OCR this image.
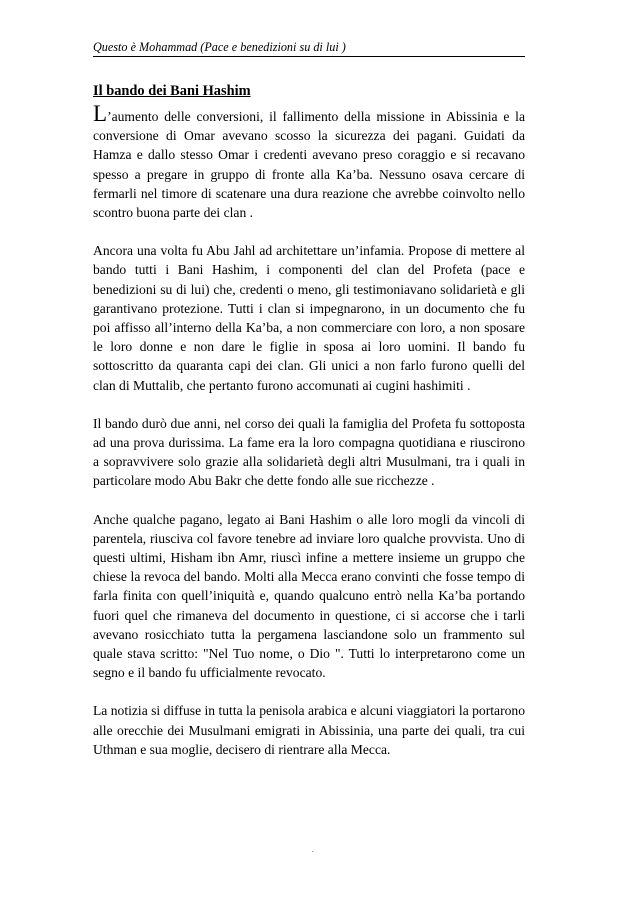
Questo è Mohammad (Pace e benedizioni su di lui )
Il bando dei Bani Hashim

L’aumento delle conversioni, il fallimento della missione in Abissinia e la conversione di Omar avevano scosso la sicurezza dei pagani. Guidati da Hamza e dallo stesso Omar i credenti avevano preso coraggio e si recavano spesso a pregare in gruppo di fronte alla Ka’ba. Nessuno osava cercare di fermarli nel timore di scatenare una dura reazione che avrebbe coinvolto nello scontro buona parte dei clan .

Ancora una volta fu Abu Jahl ad architettare un’infamia. Propose di mettere al bando tutti i Bani Hashim, i componenti del clan del Profeta (pace e benedizioni su di lui) che, credenti o meno, gli testimoniavano solidarietà e gli garantivano protezione. Tutti i clan si impegnarono, in un documento che fu poi affisso all’interno della Ka’ba, a non commerciare con loro, a non sposare le loro donne e non dare le figlie in sposa ai loro uomini. Il bando fu sottoscritto da quaranta capi dei clan. Gli unici a non farlo furono quelli del clan di Muttalib, che pertanto furono accomunati ai cugini hashimiti .

Il bando durò due anni, nel corso dei quali la famiglia del Profeta fu sottoposta ad una prova durissima. La fame era la loro compagna quotidiana e riuscirono a sopravvivere solo grazie alla solidarietà degli altri Musulmani, tra i quali in particolare modo Abu Bakr che dette fondo alle sue ricchezze .

Anche qualche pagano, legato ai Bani Hashim o alle loro mogli da vincoli di parentela, riusciva col favore tenebre ad inviare loro qualche provvista. Uno di questi ultimi, Hisham ibn Amr, riuscì infine a mettere insieme un gruppo che chiese la revoca del bando. Molti alla Mecca erano convinti che fosse tempo di farla finita con quell’iniquità e, quando qualcuno entrò nella Ka’ba portando fuori quel che rimaneva del documento in questione, ci si accorse che i tarli avevano rosicchiato tutta la pergamena lasciandone solo un frammento sul quale stava scritto: "Nel Tuo nome, o Dio ". Tutti lo interpretarono come un segno e il bando fu ufficialmente revocato.

La notizia si diffuse in tutta la penisola arabica e alcuni viaggiatori la portarono alle orecchie dei Musulmani emigrati in Abissinia, una parte dei quali, tra cui Uthman e sua moglie, decisero di rientrare alla Mecca.

.
